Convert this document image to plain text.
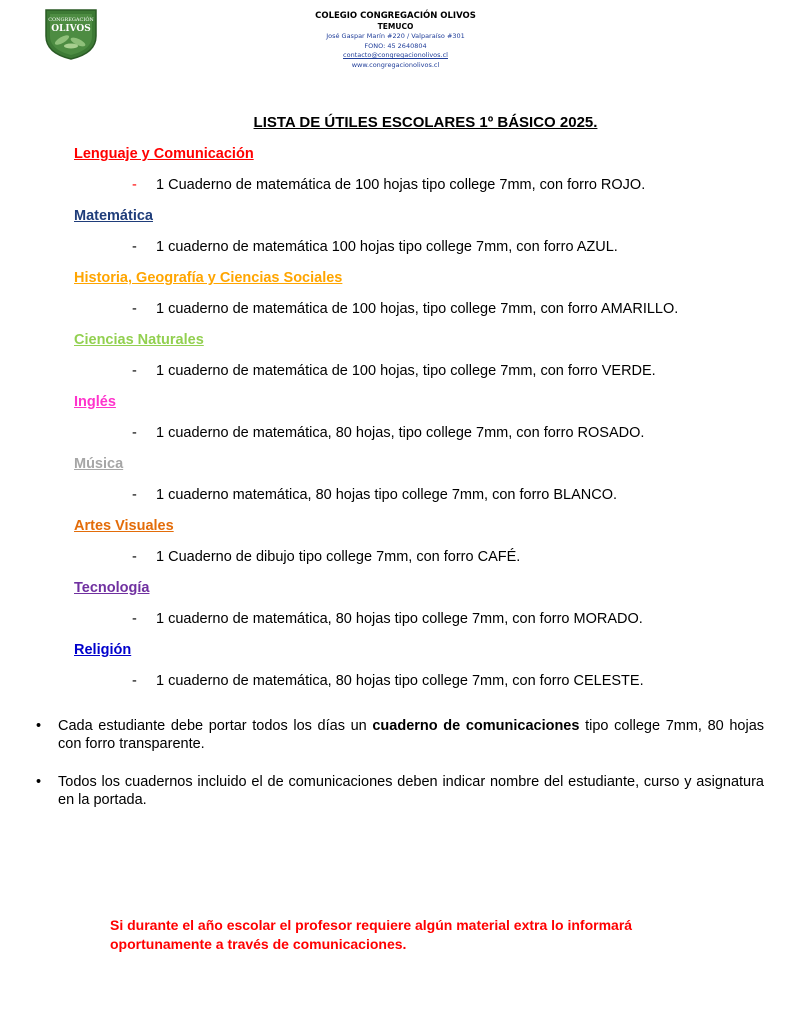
CONGREGACIÓN
OLIVOS
COLEGIO CONGREGACIÓN OLIVOS
TEMUCO
José Gaspar Marín #220 / Valparaíso #301
FONO: 45 2640804
contacto@congregacionolivos.cl
www.congregacionolivos.cl
LISTA DE ÚTILES ESCOLARES 1º BÁSICO 2025.
Lenguaje y Comunicación
- 1 Cuaderno de matemática de 100 hojas tipo college 7mm, con forro ROJO.
Matemática
- 1 cuaderno de matemática 100 hojas tipo college 7mm, con forro AZUL.
Historia, Geografía y Ciencias Sociales
- 1 cuaderno de matemática de 100 hojas, tipo college 7mm, con forro AMARILLO.
Ciencias Naturales
- 1 cuaderno de matemática de 100 hojas, tipo college 7mm, con forro VERDE.
Inglés
- 1 cuaderno de matemática, 80 hojas, tipo college 7mm, con forro ROSADO.
Música
- 1 cuaderno matemática, 80 hojas tipo college 7mm, con forro BLANCO.
Artes Visuales
- 1 Cuaderno de dibujo tipo college 7mm, con forro CAFÉ.
Tecnología
- 1 cuaderno de matemática, 80 hojas tipo college 7mm, con forro MORADO.
Religión
- 1 cuaderno de matemática, 80 hojas tipo college 7mm, con forro CELESTE.
• Cada estudiante debe portar todos los días un cuaderno de comunicaciones tipo college 7mm, 80 hojas con forro transparente.
• Todos los cuadernos incluido el de comunicaciones deben indicar nombre del estudiante, curso y asignatura en la portada.
Si durante el año escolar el profesor requiere algún material extra lo informará oportunamente a través de comunicaciones.
